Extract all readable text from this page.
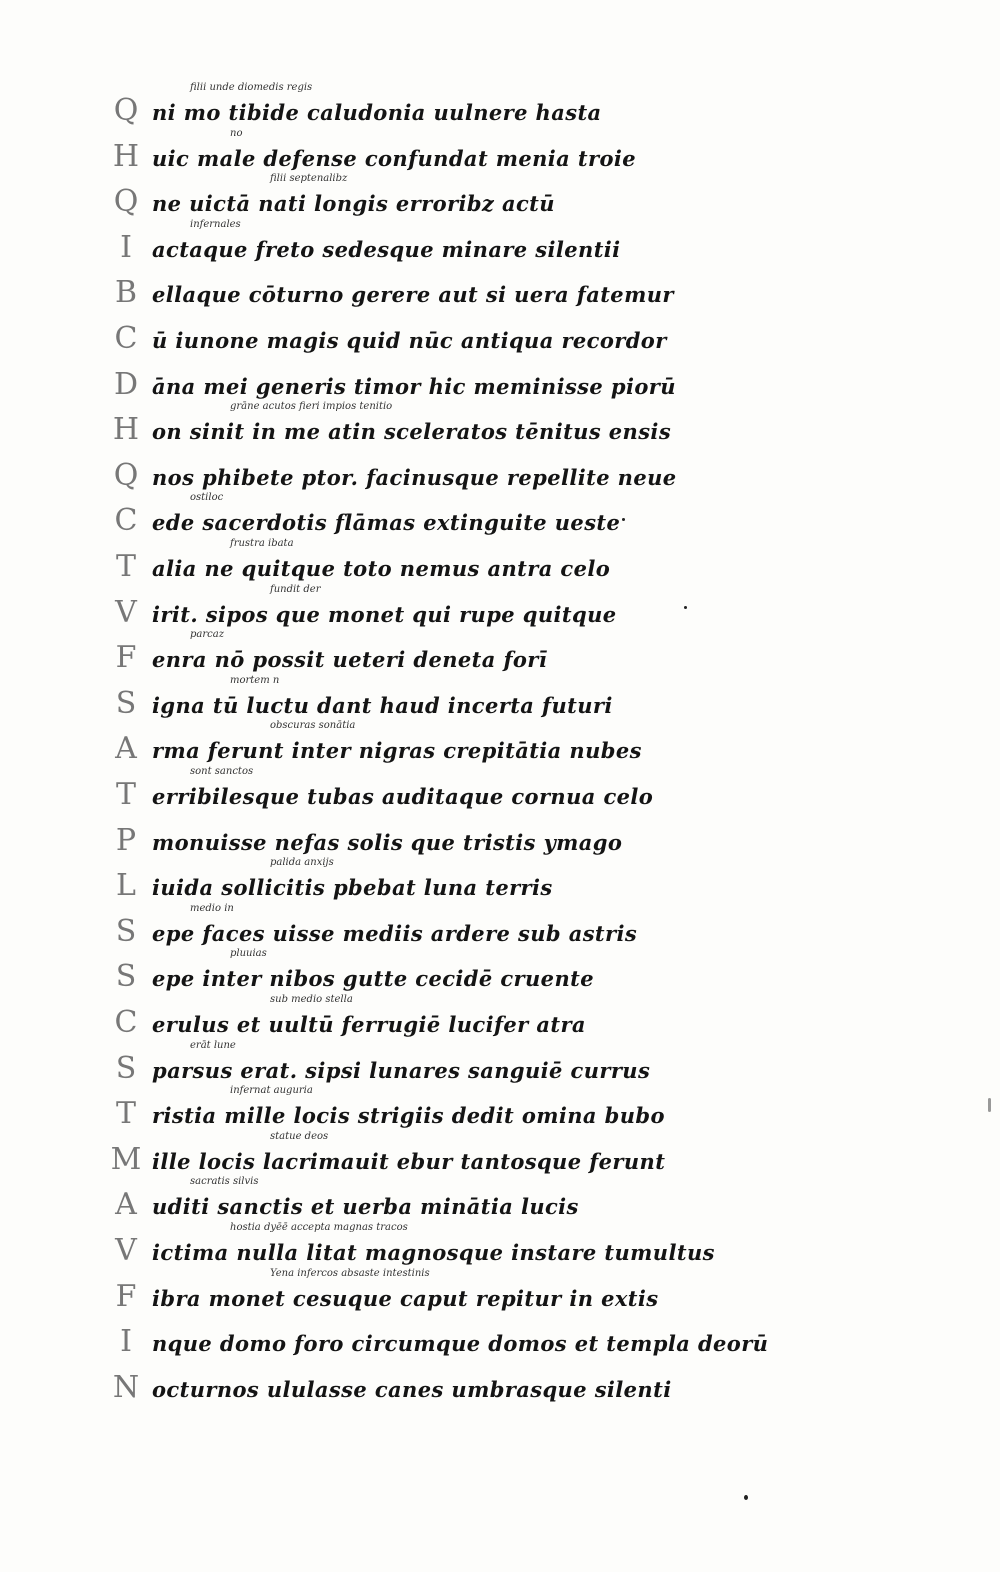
filii unde diomedis regis
Q ni mo tibide caludonia uulnere hasta
no
H uic male defense confundat menia troie
filii septenalibz
Q ne uictā nati longis erroribz actū
infernales
I actaque freto sedesque minare silentii
B ellaque cōturno gerere aut si uera fatemur
C ū iunone magis quid nūc antiqua recordor
D āna mei generis timor hic meminisse piorū
grāne acutos fieri impios tenitio
H on sinit in me atin sceleratos tēnitus ensis
Q nos phibete ptor. facinusque repellite neue
ostiloc
C ede sacerdotis flāmas extinguite ueste
frustra ibata
T alia ne quitque toto nemus antra celo
fundit der
V irit. sipos que monet qui rupe quitque
parcaz
F enra nō possit ueteri deneta forī
mortem n
S igna tū luctu dant haud incerta futuri
obscuras sonātia
A rma ferunt inter nigras crepitātia nubes
sont sanctos
T erribilesque tubas auditaque cornua celo
P monuisse nefas solis que tristis ymago
palida anxijs
L iuida sollicitis pbebat luna terris
medio in
S epe faces uisse mediis ardere sub astris
pluuias
S epe inter nibos gutte cecidē cruente
sub medio stella
C erulus et uultū ferrugiē lucifer atra
erāt lune
S parsus erat. sipsi lunares sanguiē currus
infernat auguria
T ristia mille locis strigiis dedit omina bubo
statue deos
M ille locis lacrimauit ebur tantosque ferunt
sacratis silvis
A uditi sanctis et uerba minātia lucis
hostia dyēē accepta magnas tracos
V ictima nulla litat magnosque instare tumultus
Yena infercos absaste intestinis
F ibra monet cesuque caput repitur in extis
I nque domo foro circumque domos et templa deorū
N octurnos ululasse canes umbrasque silenti
